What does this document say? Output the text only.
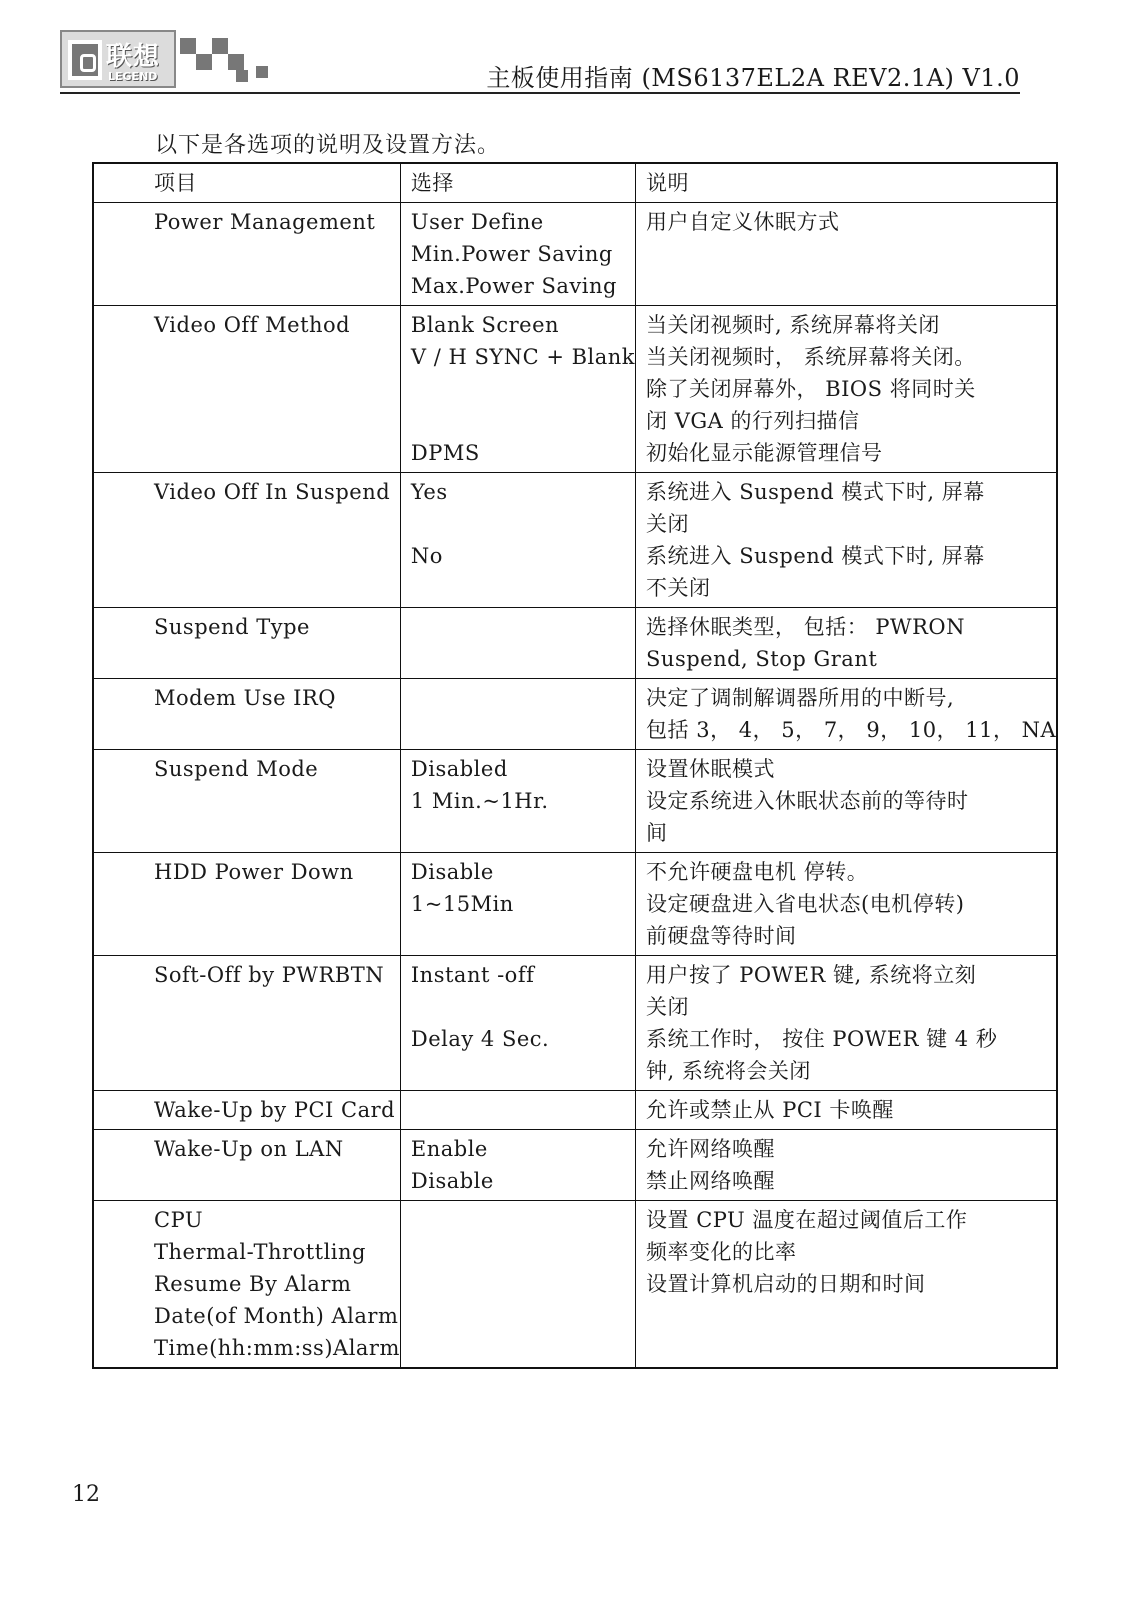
联想
LEGEND	主板使用指南 (MS6137EL2A REV2.1A) V1.0
以下是各选项的说明及设置方法。
项目	选择	说明

Power Management	User Define
Min.Power Saving
Max.Power Saving	用户自定义休眠方式

Video Off Method	Blank Screen
V / H SYNC + Blank
DPMS	当关闭视频时, 系统屏幕将关闭
当关闭视频时， 系统屏幕将关闭。
除了关闭屏幕外， BIOS 将同时关
闭 VGA 的行列扫描信
初始化显示能源管理信号

Video Off In Suspend	Yes
No	系统进入 Suspend 模式下时, 屏幕
关闭
系统进入 Suspend 模式下时, 屏幕
不关闭

Suspend Type		选择休眠类型， 包括： PWRON
Suspend, Stop Grant

Modem Use IRQ		决定了调制解调器所用的中断号,
包括 3， 4， 5， 7， 9， 10， 11， NA

Suspend Mode	Disabled
1 Min.~1Hr.	设置休眠模式
设定系统进入休眠状态前的等待时
间

HDD Power Down	Disable
1~15Min	不允许硬盘电机 停转。
设定硬盘进入省电状态(电机停转)
前硬盘等待时间

Soft-Off by PWRBTN	Instant -off
Delay 4 Sec.	用户按了 POWER 键, 系统将立刻
关闭
系统工作时， 按住 POWER 键 4 秒
钟, 系统将会关闭

Wake-Up by PCI Card		允许或禁止从 PCI 卡唤醒

Wake-Up on LAN	Enable
Disable	允许网络唤醒
禁止网络唤醒

CPU
Thermal-Throttling
Resume By Alarm
Date(of Month) Alarm
Time(hh:mm:ss)Alarm		设置 CPU 温度在超过阈值后工作
频率变化的比率
设置计算机启动的日期和时间
12
